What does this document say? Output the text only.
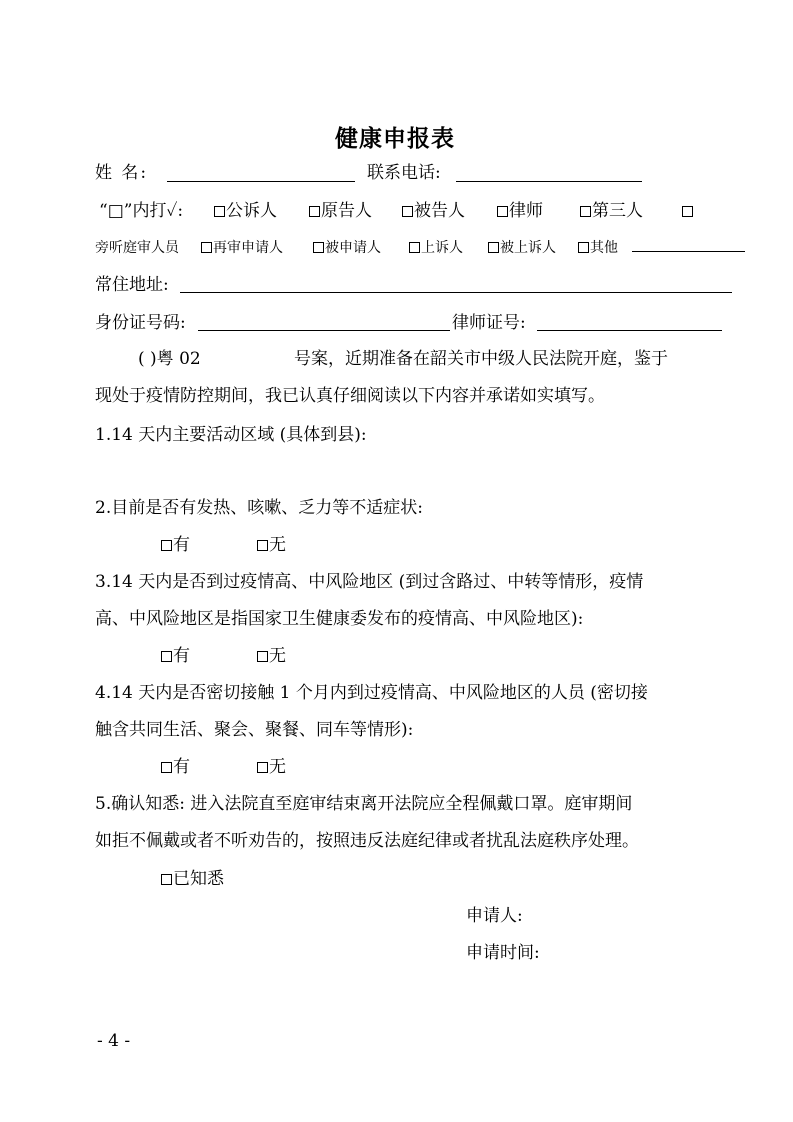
健康申报表
姓 名:	联系电话:
“□”内打✓:	公诉人	原告人	被告人	律师	第三人
旁听庭审人员	再审申请人	被申请人	上诉人	被上诉人	其他
常住地址:
身份证号码:	律师证号:
( )粤 02	号案，近期准备在韶关市中级人民法院开庭，鉴于
现处于疫情防控期间，我已认真仔细阅读以下内容并承诺如实填写。
1.14 天内主要活动区域 (具体到县):
2.目前是否有发热、咳嗽、乏力等不适症状:
有	无
3.14 天内是否到过疫情高、中风险地区 (到过含路过、中转等情形，疫情
高、中风险地区是指国家卫生健康委发布的疫情高、中风险地区):
有	无
4.14 天内是否密切接触 1 个月内到过疫情高、中风险地区的人员 (密切接
触含共同生活、聚会、聚餐、同车等情形):
有	无
5.确认知悉: 进入法院直至庭审结束离开法院应全程佩戴口罩。庭审期间
如拒不佩戴或者不听劝告的，按照违反法庭纪律或者扰乱法庭秩序处理。
已知悉
申请人:
申请时间:
- 4 -
